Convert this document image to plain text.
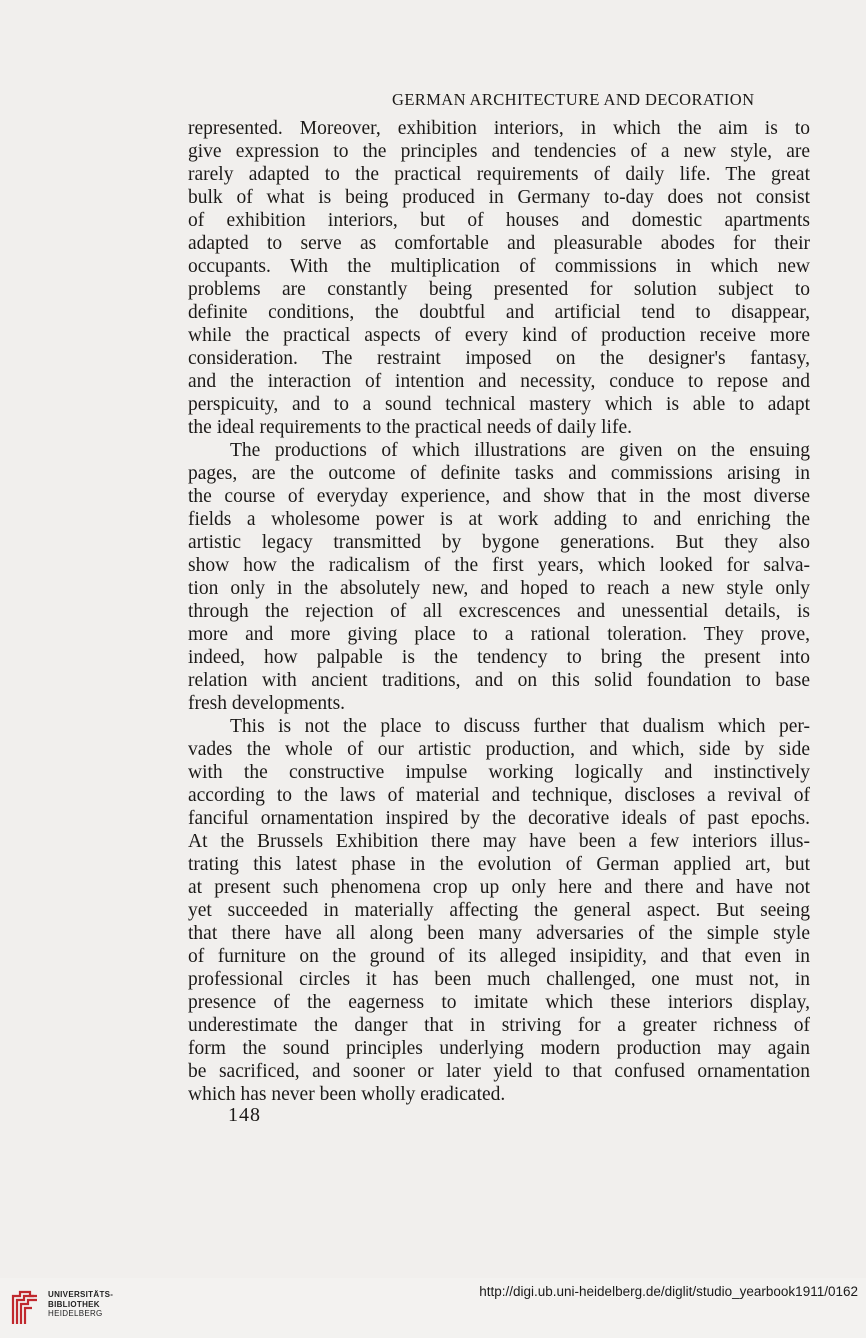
GERMAN ARCHITECTURE AND DECORATION
represented. Moreover, exhibition interiors, in which the aim is to
give expression to the principles and tendencies of a new style, are
rarely adapted to the practical requirements of daily life. The great
bulk of what is being produced in Germany to-day does not consist
of exhibition interiors, but of houses and domestic apartments
adapted to serve as comfortable and pleasurable abodes for their
occupants. With the multiplication of commissions in which new
problems are constantly being presented for solution subject to
definite conditions, the doubtful and artificial tend to disappear,
while the practical aspects of every kind of production receive more
consideration. The restraint imposed on the designer's fantasy,
and the interaction of intention and necessity, conduce to repose and
perspicuity, and to a sound technical mastery which is able to adapt
the ideal requirements to the practical needs of daily life.
The productions of which illustrations are given on the ensuing
pages, are the outcome of definite tasks and commissions arising in
the course of everyday experience, and show that in the most diverse
fields a wholesome power is at work adding to and enriching the
artistic legacy transmitted by bygone generations. But they also
show how the radicalism of the first years, which looked for salva-
tion only in the absolutely new, and hoped to reach a new style only
through the rejection of all excrescences and unessential details, is
more and more giving place to a rational toleration. They prove,
indeed, how palpable is the tendency to bring the present into
relation with ancient traditions, and on this solid foundation to base
fresh developments.
This is not the place to discuss further that dualism which per-
vades the whole of our artistic production, and which, side by side
with the constructive impulse working logically and instinctively
according to the laws of material and technique, discloses a revival of
fanciful ornamentation inspired by the decorative ideals of past epochs.
At the Brussels Exhibition there may have been a few interiors illus-
trating this latest phase in the evolution of German applied art, but
at present such phenomena crop up only here and there and have not
yet succeeded in materially affecting the general aspect. But seeing
that there have all along been many adversaries of the simple style
of furniture on the ground of its alleged insipidity, and that even in
professional circles it has been much challenged, one must not, in
presence of the eagerness to imitate which these interiors display,
underestimate the danger that in striving for a greater richness of
form the sound principles underlying modern production may again
be sacrificed, and sooner or later yield to that confused ornamentation
which has never been wholly eradicated.
148
UNIVERSITÄTS-
BIBLIOTHEK
HEIDELBERG
http://digi.ub.uni-heidelberg.de/diglit/studio_yearbook1911/0162
